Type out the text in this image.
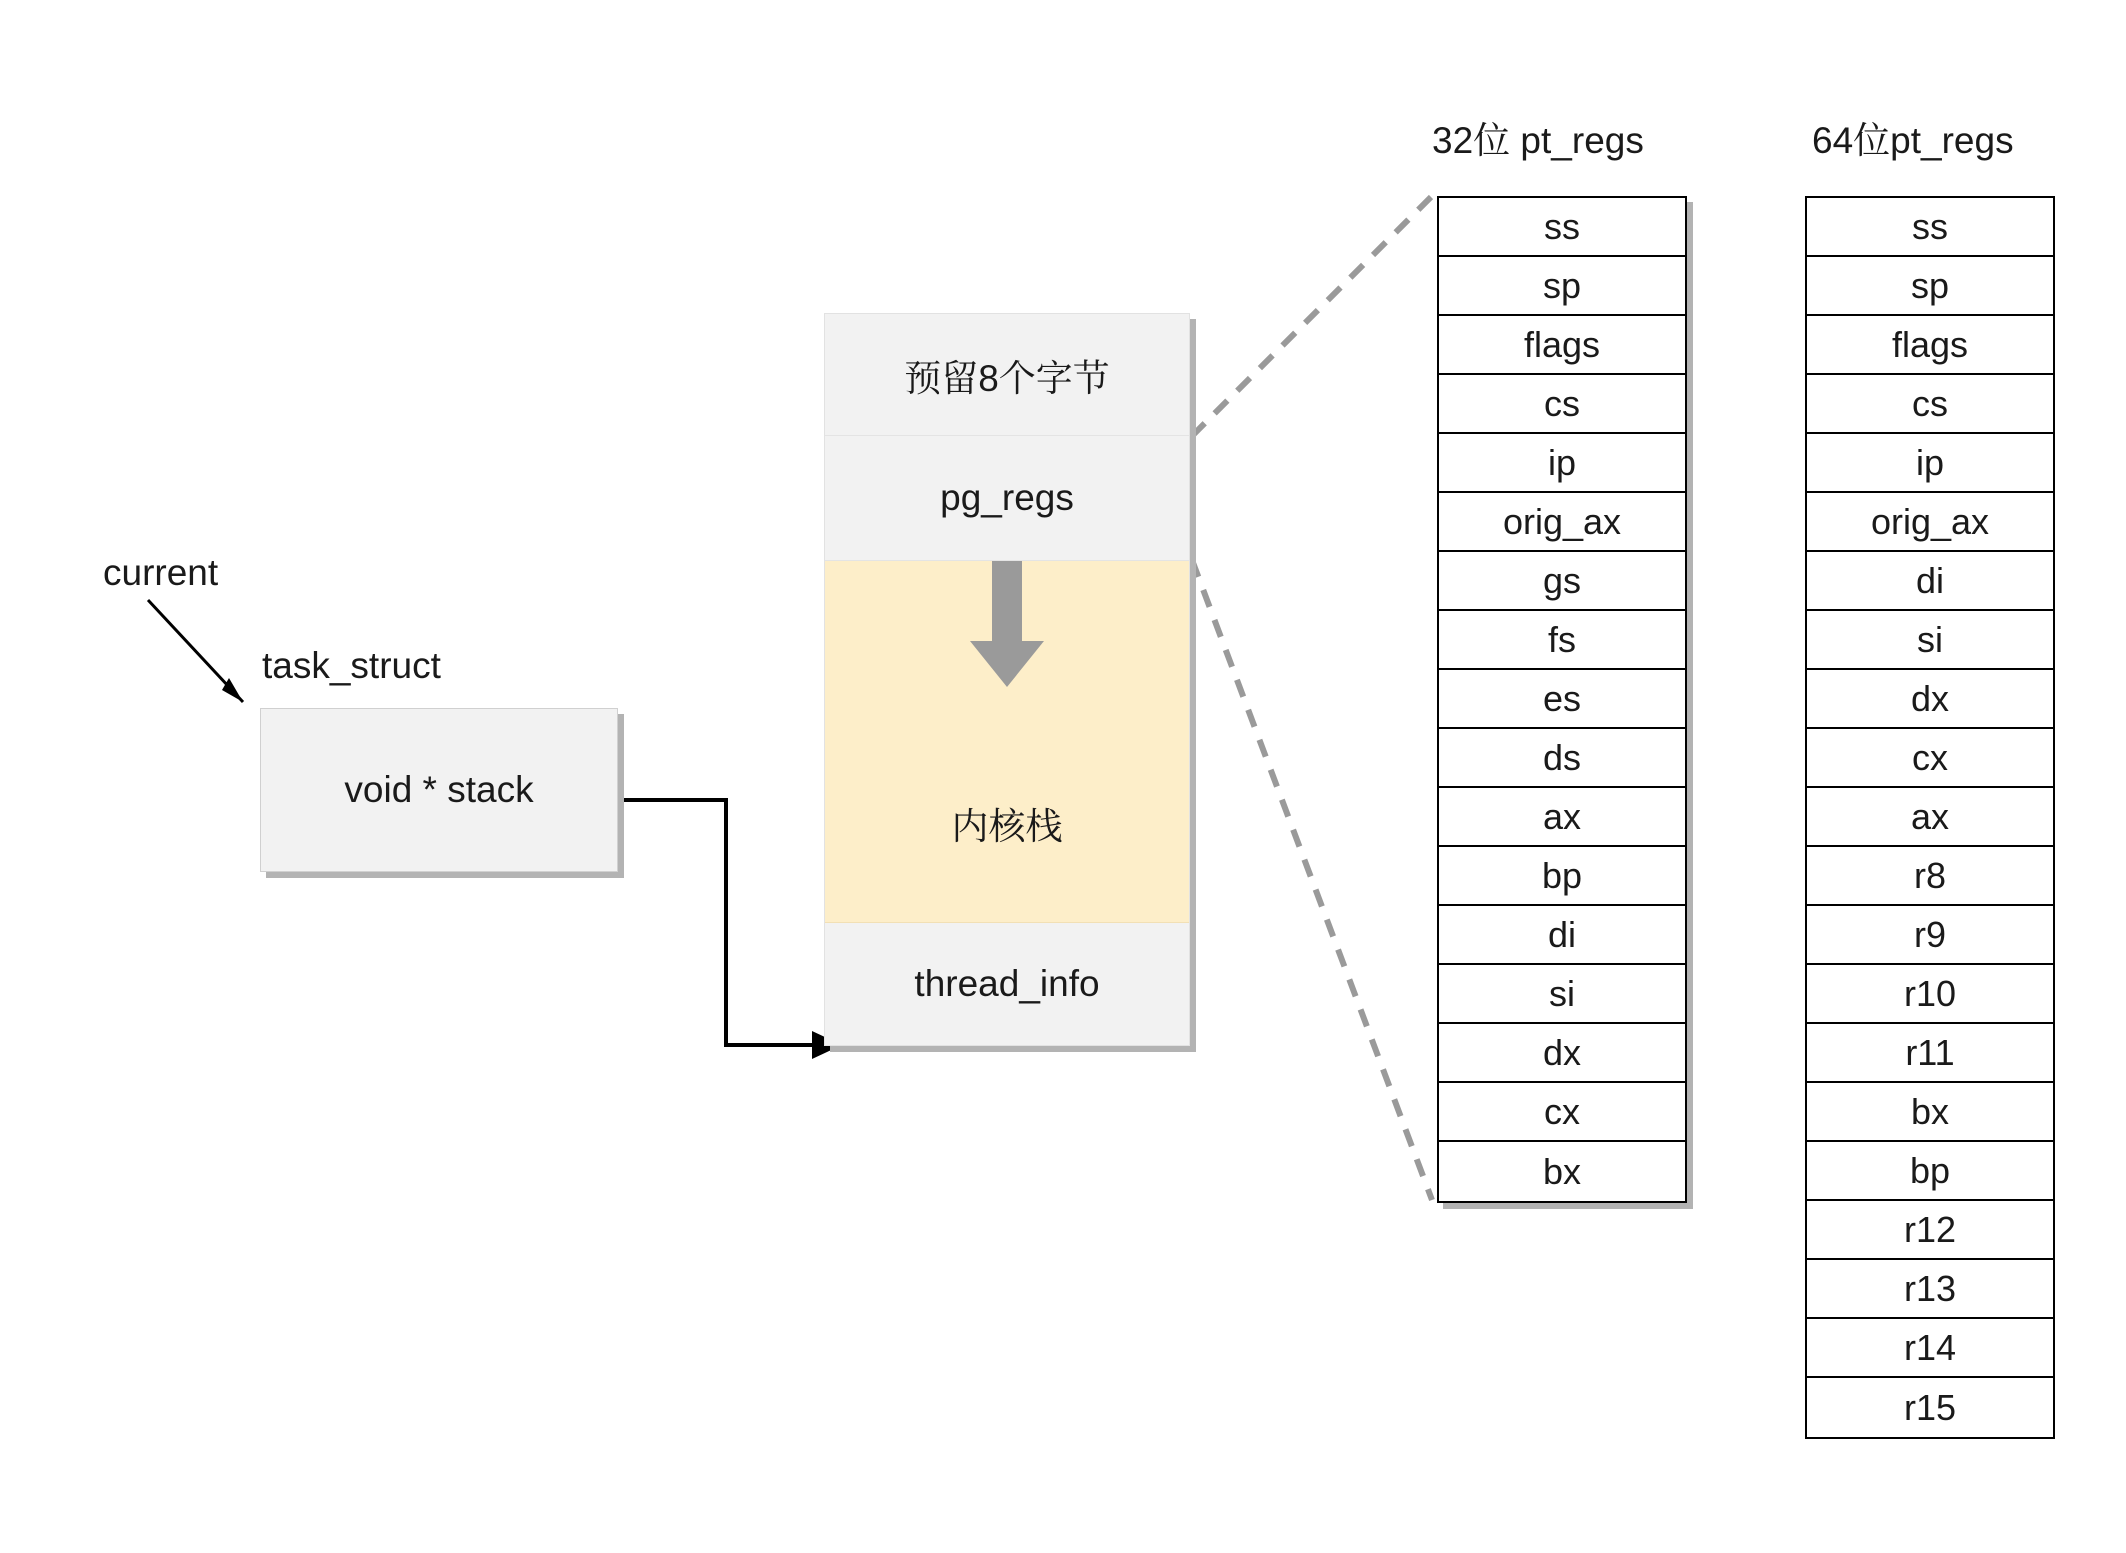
current
task_struct
void * stack
预留8个字节
pg_regs
内核栈
thread_info
32位 pt_regs	64位pt_regs
ss
sp
flags
cs
ip
orig_ax
gs
fs
es
ds
ax
bp
di
si
dx
cx
bx
ss
sp
flags
cs
ip
orig_ax
di
si
dx
cx
ax
r8
r9
r10
r11
bx
bp
r12
r13
r14
r15
